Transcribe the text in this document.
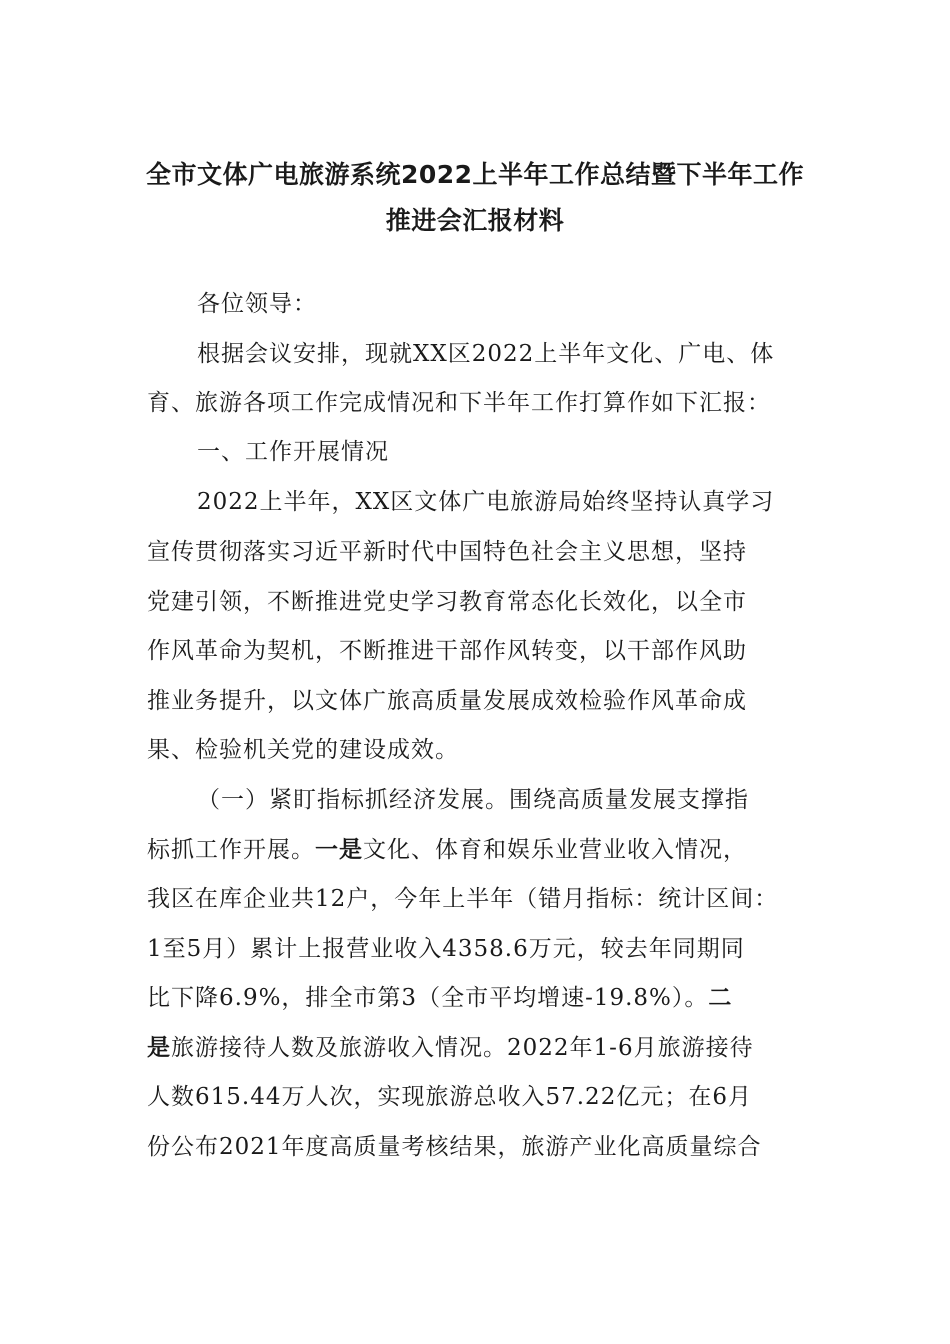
全市文体广电旅游系统2022上半年工作总结暨下半年工作
推进会汇报材料
各位领导：
根据会议安排，现就XX区2022上半年文化、广电、体
育、旅游各项工作完成情况和下半年工作打算作如下汇报：
一、工作开展情况
2022上半年，XX区文体广电旅游局始终坚持认真学习
宣传贯彻落实习近平新时代中国特色社会主义思想，坚持
党建引领，不断推进党史学习教育常态化长效化，以全市
作风革命为契机，不断推进干部作风转变，以干部作风助
推业务提升，以文体广旅高质量发展成效检验作风革命成
果、检验机关党的建设成效。
（一）紧盯指标抓经济发展。围绕高质量发展支撑指
标抓工作开展。一是文化、体育和娱乐业营业收入情况，
我区在库企业共12户，今年上半年（错月指标：统计区间：
1至5月）累计上报营业收入4358.6万元，较去年同期同
比下降6.9%，排全市第3（全市平均增速-19.8%）。二
是旅游接待人数及旅游收入情况。2022年1-6月旅游接待
人数615.44万人次，实现旅游总收入57.22亿元；在6月
份公布2021年度高质量考核结果，旅游产业化高质量综合
